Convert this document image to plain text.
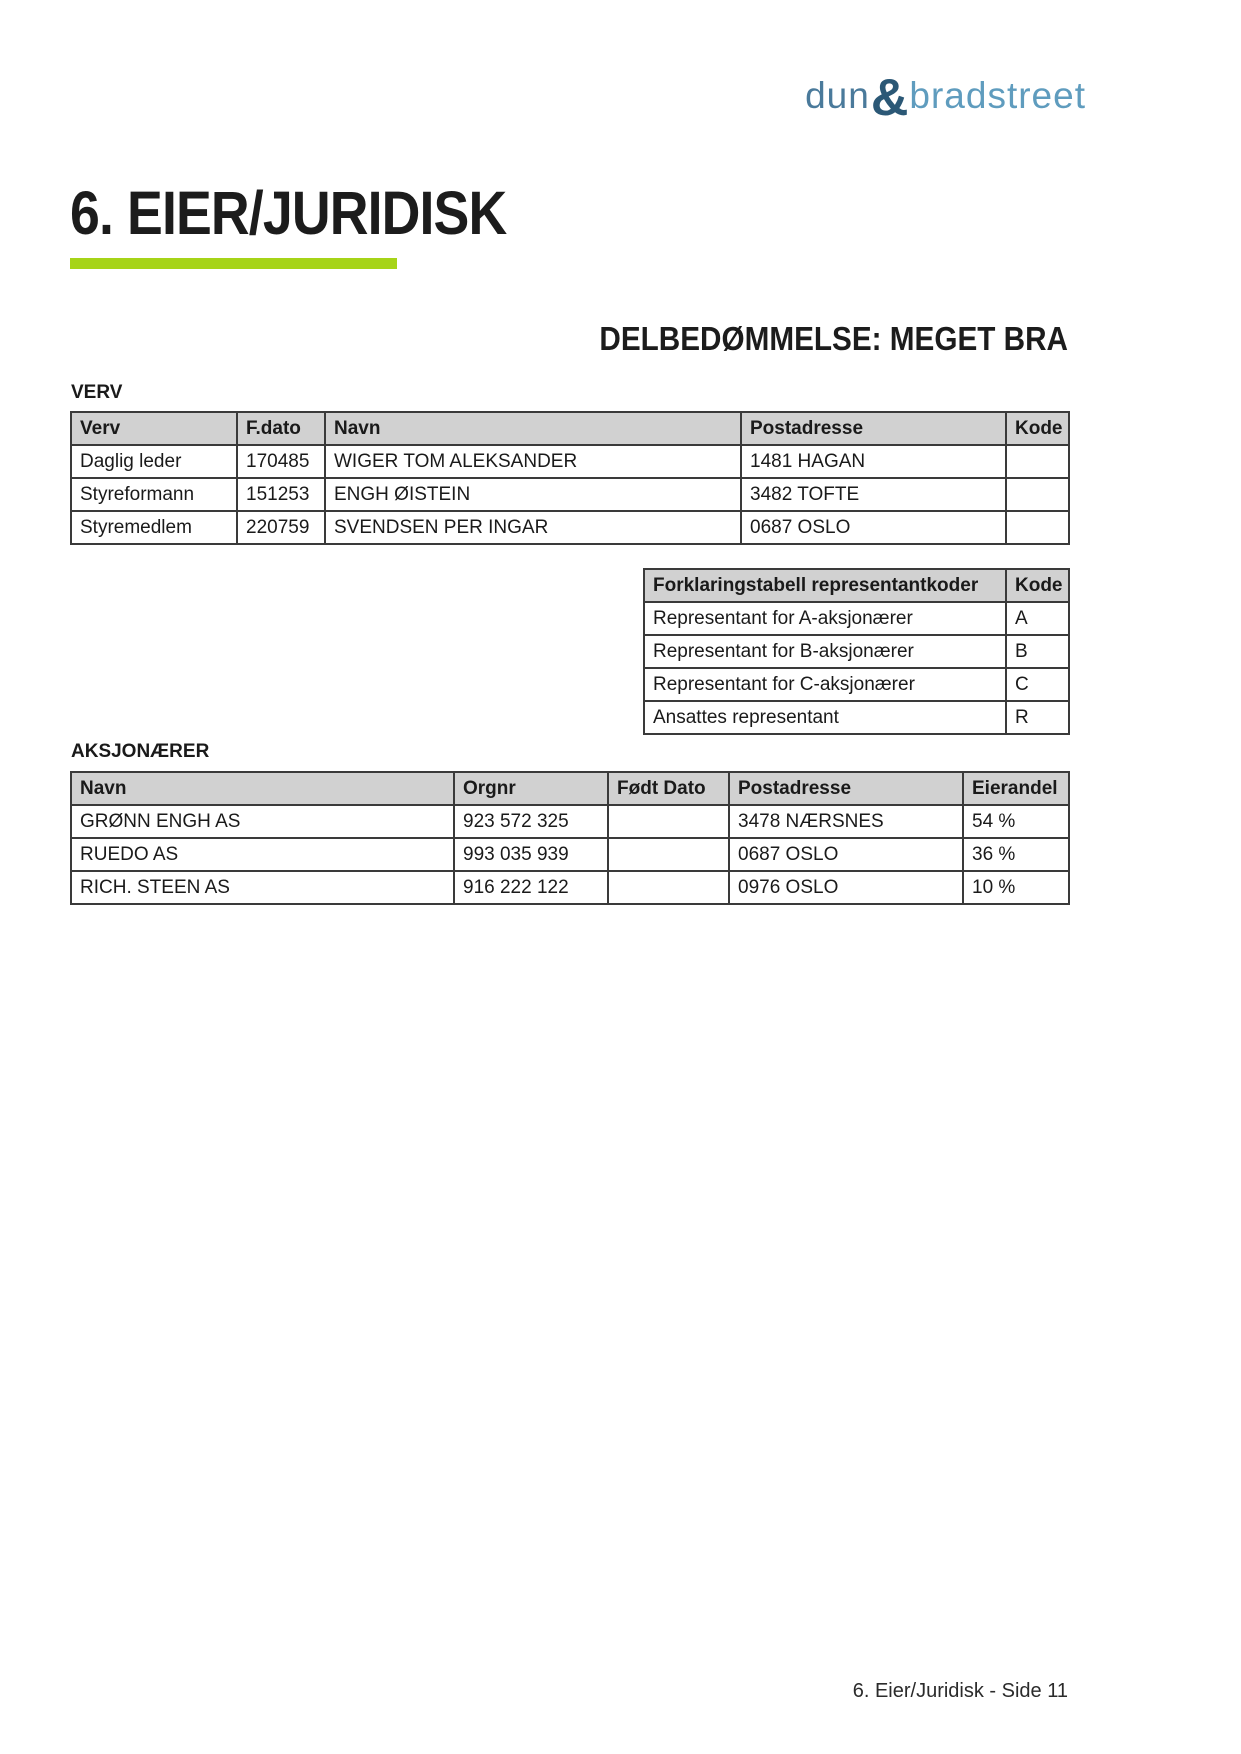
dun&bradstreet
6. EIER/JURIDISK
DELBEDØMMELSE: MEGET BRA
VERV
Verv	F.dato	Navn	Postadresse	Kode
Daglig leder	170485	WIGER TOM ALEKSANDER	1481 HAGAN	
Styreformann	151253	ENGH ØISTEIN	3482 TOFTE	
Styremedlem	220759	SVENDSEN PER INGAR	0687 OSLO	
Forklaringstabell representantkoder	Kode
Representant for A-aksjonærer	A
Representant for B-aksjonærer	B
Representant for C-aksjonærer	C
Ansattes representant	R
AKSJONÆRER
Navn	Orgnr	Født Dato	Postadresse	Eierandel
GRØNN ENGH AS	923 572 325		3478 NÆRSNES	54 %
RUEDO AS	993 035 939		0687 OSLO	36 %
RICH. STEEN AS	916 222 122		0976 OSLO	10 %
6. Eier/Juridisk - Side 11
